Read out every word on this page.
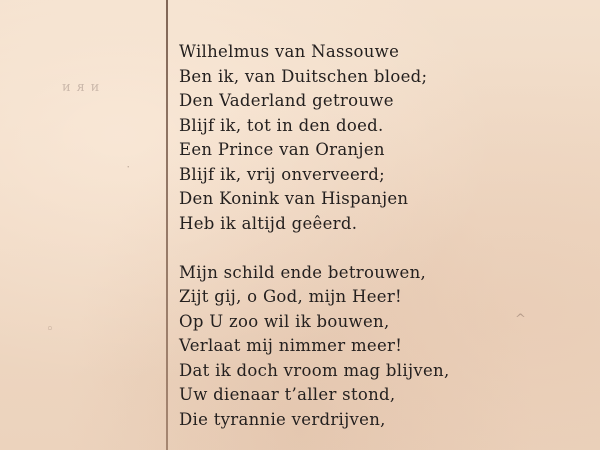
ᴎ ᴙ ᴎ
˙
◦
^
Wilhelmus van Nassouwe
Ben ik, van Duitschen bloed;
Den Vaderland getrouwe
Blijf ik, tot in den doed.
Een Prince van Oranjen
Blijf ik, vrij onverveerd;
Den Konink van Hispanjen
Heb ik altijd geêerd.
Mijn schild ende betrouwen,
Zijt gij, o God, mijn Heer!
Op U zoo wil ik bouwen,
Verlaat mij nimmer meer!
Dat ik doch vroom mag blijven,
Uw dienaar t’aller stond,
Die tyrannie verdrijven,
